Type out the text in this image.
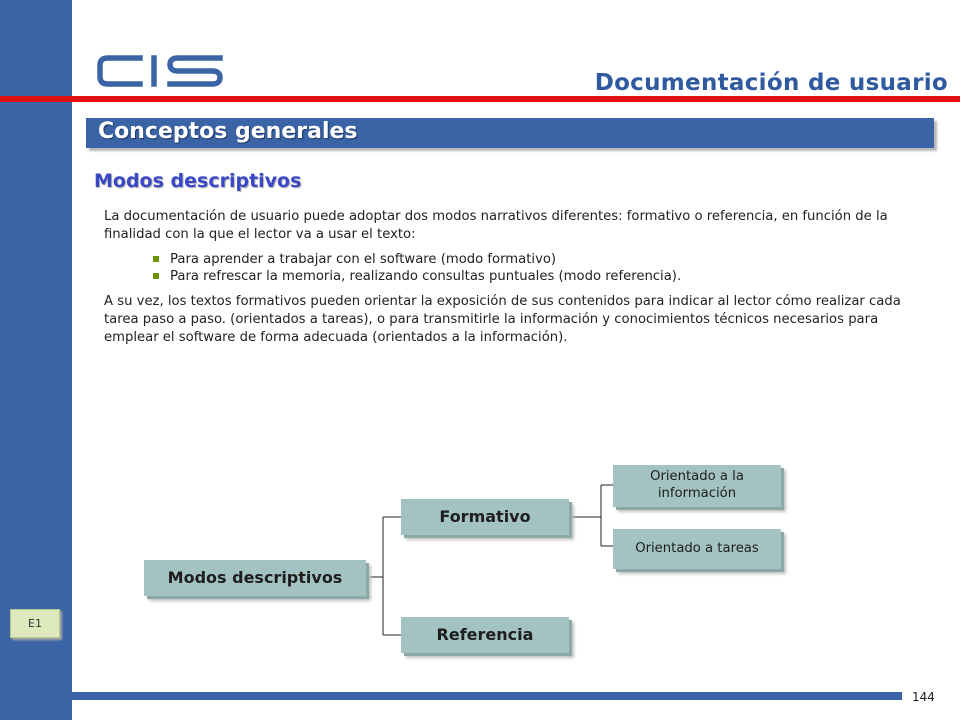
Documentación de usuario
Conceptos generales
Modos descriptivos
La documentación de usuario puede adoptar dos modos narrativos diferentes: formativo o referencia, en función de la finalidad con la que el lector va a usar el texto:
Para aprender a trabajar con el software (modo formativo)
Para refrescar la memoria, realizando consultas puntuales (modo referencia).
A su vez, los textos formativos pueden orientar la exposición de sus contenidos para indicar al lector cómo realizar cada tarea paso a paso. (orientados a tareas), o para transmitirle la información y conocimientos técnicos necesarios para emplear el software de forma adecuada (orientados a la información).
Modos descriptivos
Formativo
Referencia
Orientado a la información
Orientado a tareas
E1
144
